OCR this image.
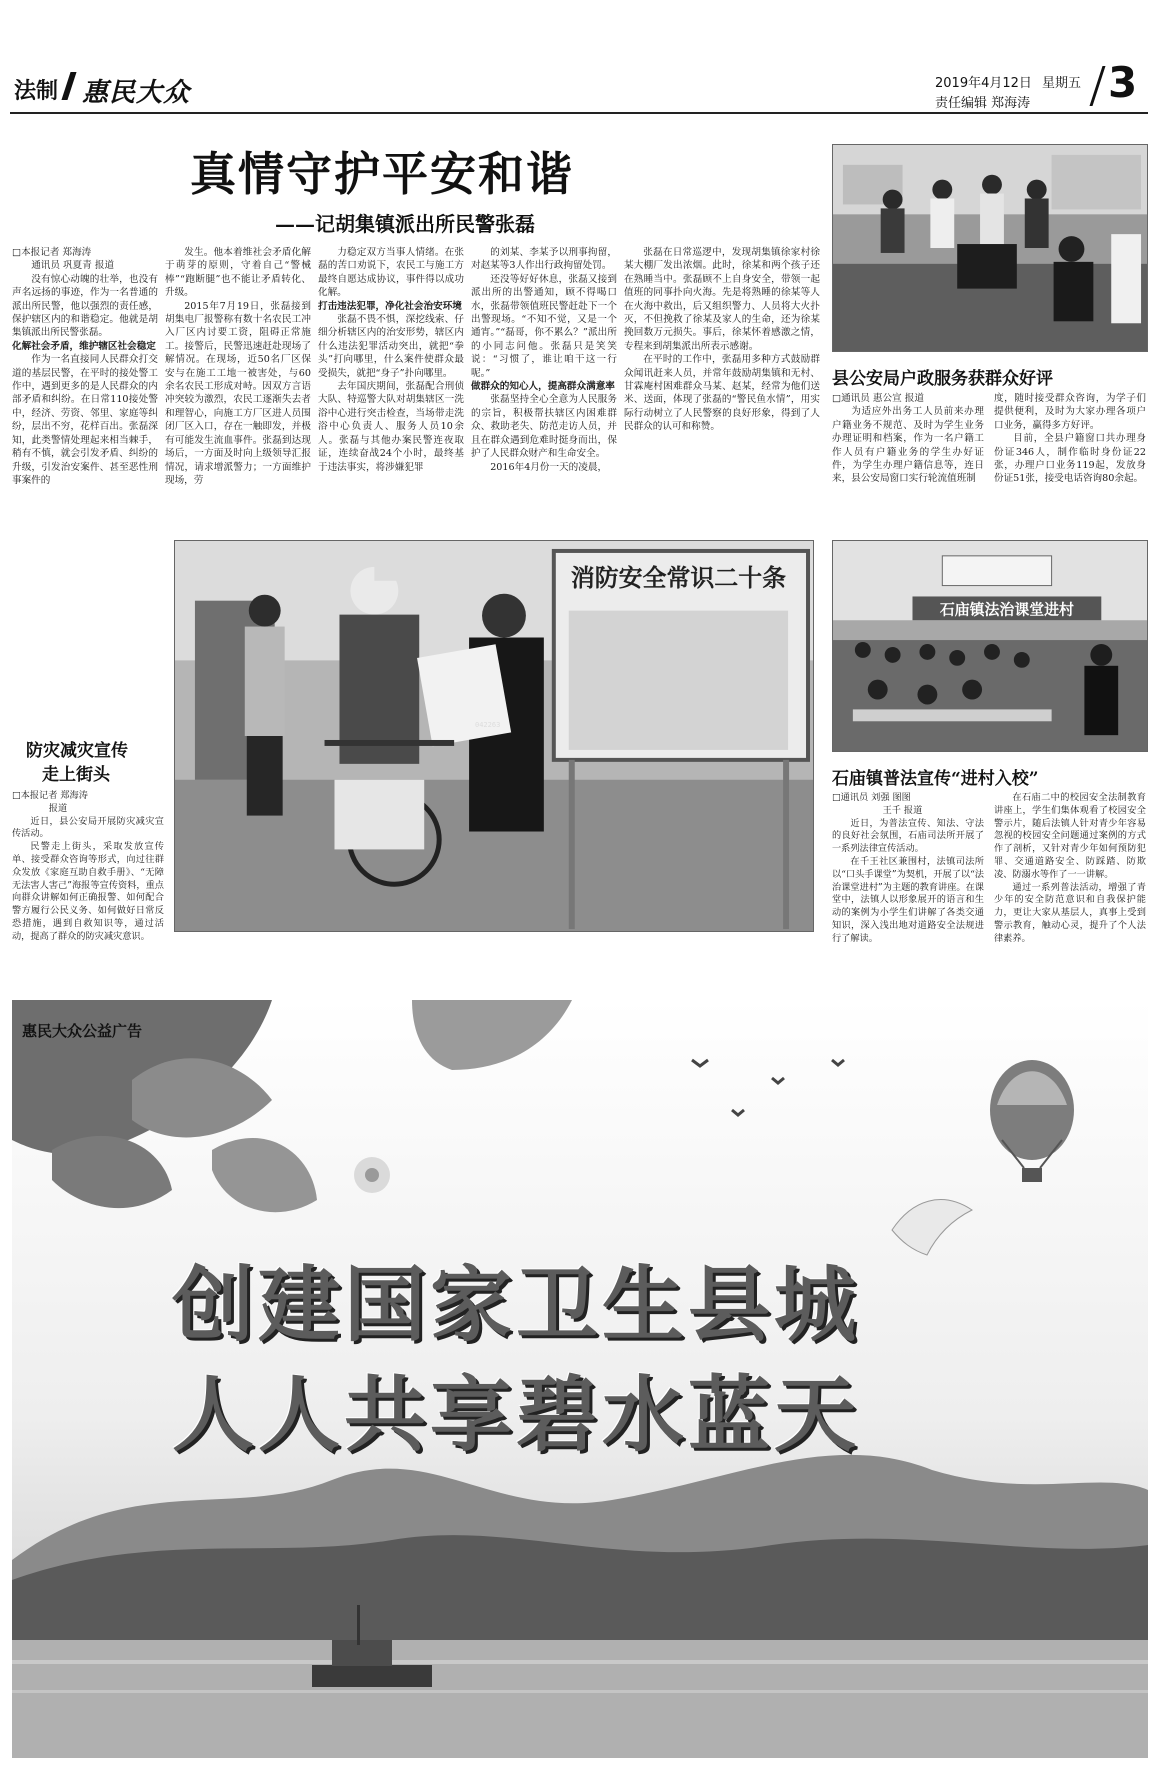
法制 惠民大众	2019年4月12日 星期五
责任编辑 郑海涛 3
真情守护平安和谐
——记胡集镇派出所民警张磊

□本报记者 郑海涛

通讯员 巩夏青 报道

没有惊心动魄的壮举，也没有声名远扬的事迹，作为一名普通的派出所民警，他以强烈的责任感，保护辖区内的和谐稳定。他就是胡集镇派出所民警张磊。

化解社会矛盾，维护辖区社会稳定

作为一名直接同人民群众打交道的基层民警，在平时的接处警工作中，遇到更多的是人民群众的内部矛盾和纠纷。在日常110接处警中，经济、劳资、邻里、家庭等纠纷，层出不穷，花样百出。张磊深知，此类警情处理起来相当棘手，稍有不慎，就会引发矛盾、纠纷的升级，引发治安案件、甚至恶性刑事案件的

发生。他本着维社会矛盾化解于萌芽的原则，守着自己“警械棒”“跑断腿”也不能让矛盾转化、升级。

2015年7月19日，张磊接到胡集电厂报警称有数十名农民工冲入厂区内讨要工资，阻碍正常施工。接警后，民警迅速赶赴现场了解情况。在现场，近50名厂区保安与在施工工地一被害处，与60余名农民工形成对峙。因双方言语冲突较为激烈，农民工逐渐失去者和理智心，向施工方厂区进人员围闭厂区入口，存在一触即发，并极有可能发生流血事件。张磊到达现场后，一方面及时向上级领导汇报情况，请求增派警力；一方面维护现场，劳

力稳定双方当事人情绪。在张磊的苦口劝说下，农民工与施工方最终自愿达成协议，事件得以成功化解。

打击违法犯罪，净化社会治安环境

张磊不畏不惧，深挖线索、仔细分析辖区内的治安形势，辖区内什么违法犯罪活动突出，就把“拳头”打向哪里，什么案件使群众最受损失，就把“身子”扑向哪里。

去年国庆期间，张磊配合刑侦大队、特巡警大队对胡集辖区一洗浴中心进行突击检查，当场带走洗浴中心负责人、服务人员10余人。张磊与其他办案民警连夜取证，连续奋战24个小时，最终基于违法事实，将涉嫌犯罪

的刘某、李某予以刑事拘留，对赵某等3人作出行政拘留处罚。

还没等好好休息，张磊又接到派出所的出警通知，顾不得喝口水，张磊带领值班民警赶赴下一个出警现场。“不知不觉，又是一个通宵。”“磊哥，你不累么？”派出所的小同志问他。张磊只是笑笑说：“习惯了，谁让咱干这一行呢。”

做群众的知心人，提高群众满意率

张磊坚持全心全意为人民服务的宗旨，积极帮扶辖区内困难群众、救助老失、防范走访人员，并且在群众遇到危难时挺身而出，保护了人民群众财产和生命安全。

2016年4月份一天的凌晨，

张磊在日常巡逻中，发现胡集镇徐家村徐某大棚厂发出浓烟。此时，徐某和两个孩子还在熟睡当中。张磊顾不上自身安全，带领一起值班的同事扑向火海。先是将熟睡的徐某等人在火海中救出，后又组织警力、人员将大火扑灭，不但挽救了徐某及家人的生命，还为徐某挽回数万元损失。事后，徐某怀着感激之情，专程来到胡集派出所表示感谢。

在平时的工作中，张磊用多种方式鼓励群众闻讯赶来人员，并常年鼓励胡集镇和无村、甘霖庵村困难群众马某、赵某，经常为他们送米、送面，体现了张磊的“警民鱼水情”，用实际行动树立了人民警察的良好形象，得到了人民群众的认可和称赞。

县公安局户政服务获群众好评

□通讯员 惠公宣 报道

为适应外出务工人员前来办理户籍业务不规范、及时为学生业务办理证明和档案，作为一名户籍工作人员有户籍业务的学生办好证件，为学生办理户籍信息等，连日来，县公安局窗口实行轮流值班制

度，随时接受群众咨询，为学子们提供便利，及时为大家办理各项户口业务，赢得多方好评。

目前，全县户籍窗口共办理身份证346人，制作临时身份证22张，办理户口业务119起，发放身份证51张，接受电话咨询80余起。

消防安全常识二十条
042263
防灾减灾宣传
走上街头

□本报记者 郑海涛

报道

近日，县公安局开展防灾减灾宣传活动。

民警走上街头，采取发放宣传单、接受群众咨询等形式，向过往群众发放《家庭互助自救手册》、“无障无法害人害己”海报等宣传资料，重点向群众讲解如何正确报警、如何配合警方履行公民义务、如何做好日常反恐措施，遇到自救知识等，通过活动，提高了群众的防灾减灾意识。

石庙镇法治课堂进村
石庙镇普法宣传“进村入校”

□通讯员 刘强 图图

王千 报道

近日，为普法宣传、知法、守法的良好社会氛围，石庙司法所开展了一系列法律宣传活动。

在千王社区兼围村，法镇司法所以“口头手课堂”为契机，开展了以“法治课堂进村”为主题的教育讲座。在课堂中，法镇人以形象展开的语言和生动的案例为小学生们讲解了各类交通知识，深入浅出地对道路安全法规进行了解读。

在石庙二中的校园安全法制教育讲座上，学生们集体观看了校园安全警示片，随后法镇人针对青少年容易忽视的校园安全问题通过案例的方式作了剖析，又针对青少年如何预防犯罪、交通道路安全、防踩踏、防欺凌、防溺水等作了一一讲解。

通过一系列普法活动，增强了青少年的安全防范意识和自我保护能力，更让大家从基层人，真事上受到警示教育，触动心灵，提升了个人法律素养。

惠民大众公益广告
创建国家卫生县城
人人共享碧水蓝天
